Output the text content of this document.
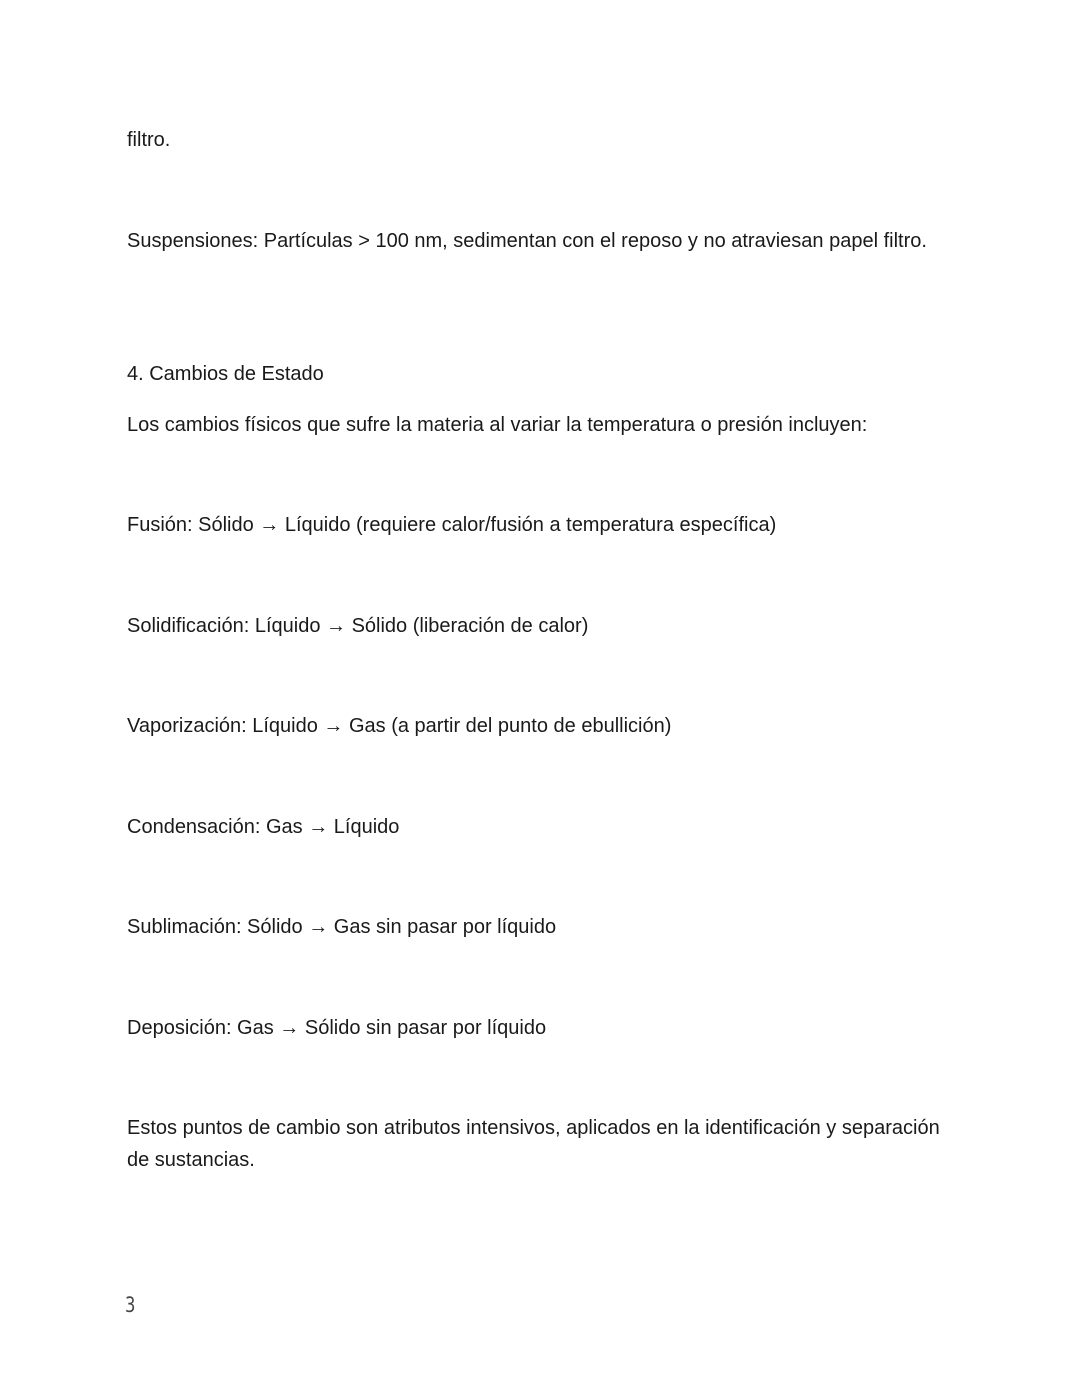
filtro.

Suspensiones: Partículas > 100 nm, sedimentan con el reposo y no atraviesan papel filtro.

4. Cambios de Estado

Los cambios físicos que sufre la materia al variar la temperatura o presión incluyen:

Fusión: Sólido → Líquido (requiere calor/fusión a temperatura específica)

Solidificación: Líquido → Sólido (liberación de calor)

Vaporización: Líquido → Gas (a partir del punto de ebullición)

Condensación: Gas → Líquido

Sublimación: Sólido → Gas sin pasar por líquido

Deposición: Gas → Sólido sin pasar por líquido

Estos puntos de cambio son atributos intensivos, aplicados en la identificación y separación de sustancias.

3
